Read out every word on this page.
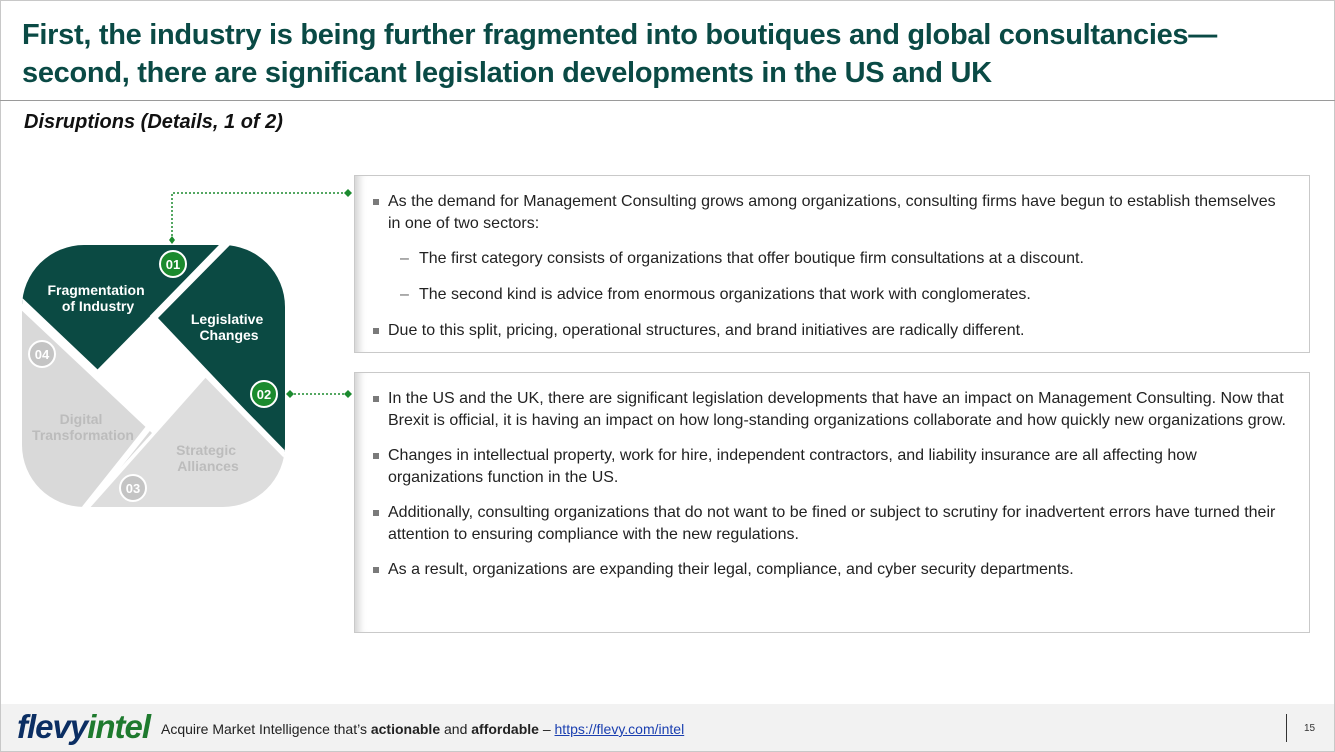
First, the industry is being further fragmented into boutiques and global consultancies—second, there are significant legislation developments in the US and UK
Disruptions (Details, 1 of 2)
Fragmentation of Industry
Legislative Changes
Strategic Alliances
Digital Transformation
01
02
03
04
As the demand for Management Consulting grows among organizations, consulting firms have begun to establish themselves in one of two sectors:
– The first category consists of organizations that offer boutique firm consultations at a discount.
– The second kind is advice from enormous organizations that work with conglomerates.
Due to this split, pricing, operational structures, and brand initiatives are radically different.
In the US and the UK, there are significant legislation developments that have an impact on Management Consulting. Now that Brexit is official, it is having an impact on how long-standing organizations collaborate and how quickly new organizations grow.
Changes in intellectual property, work for hire, independent contractors, and liability insurance are all affecting how organizations function in the US.
Additionally, consulting organizations that do not want to be fined or subject to scrutiny for inadvertent errors have turned their attention to ensuring compliance with the new regulations.
As a result, organizations are expanding their legal, compliance, and cyber security departments.
flevyintel Acquire Market Intelligence that’s actionable and affordable – https://flevy.com/intel	15
